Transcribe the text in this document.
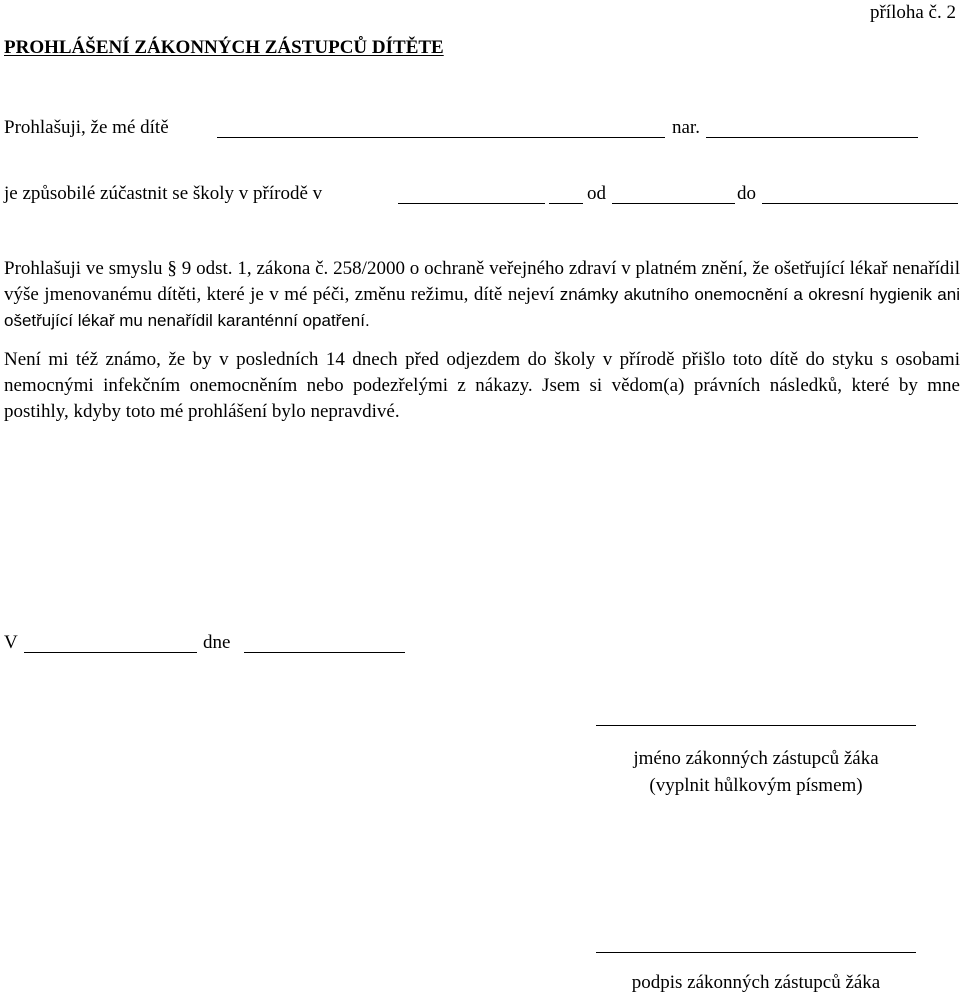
příloha č. 2
PROHLÁŠENÍ ZÁKONNÝCH ZÁSTUPCŮ DÍTĚTE
Prohlašuji, že mé dítě	nar.
je způsobilé zúčastnit se školy v přírodě v	od	do

Prohlašuji ve smyslu § 9 odst. 1, zákona č. 258/2000 o ochraně veřejného zdraví v platném znění, že ošetřující lékař nenařídil výše jmenovanému dítěti, které je v mé péči, změnu režimu, dítě nejeví známky akutního onemocnění a okresní hygienik ani ošetřující lékař mu nenařídil karanténní opatření.

Není mi též známo, že by v posledních 14 dnech před odjezdem do školy v přírodě přišlo toto dítě do styku s osobami nemocnými infekčním onemocněním nebo podezřelými z nákazy. Jsem si vědom(a) právních následků, které by mne postihly, kdyby toto mé prohlášení bylo nepravdivé.

V	dne
jméno zákonných zástupců žáka
(vyplnit hůlkovým písmem)
podpis zákonných zástupců žáka
